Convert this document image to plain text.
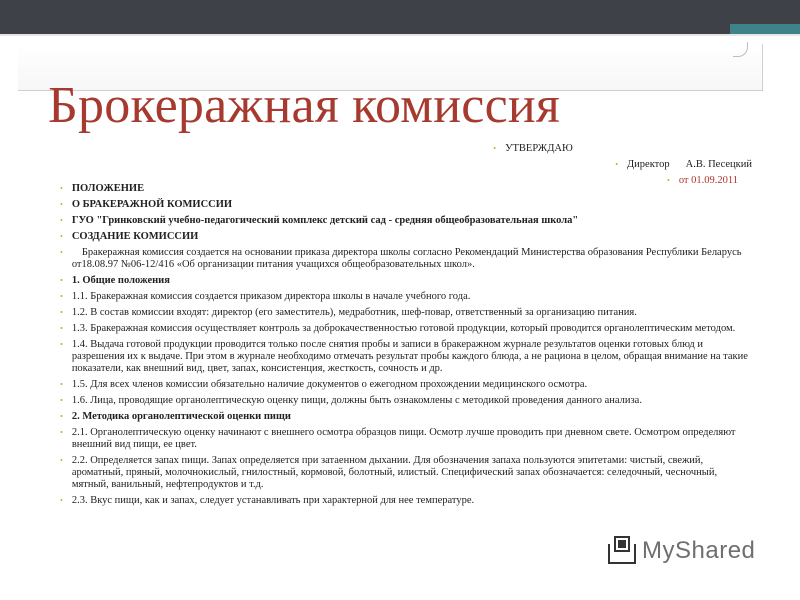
Брокеражная комиссия
• УТВЕРЖДАЮ
• Директор А.В. Песецкий
• от 01.09.2011
• ПОЛОЖЕНИЕ
• О БРАКЕРАЖНОЙ КОМИССИИ
• ГУО "Гринковский учебно-педагогический комплекс детский сад - средняя общеобразовательная школа"
• СОЗДАНИЕ КОМИССИИ
•	Бракеражная комиссия создается на основании приказа директора школы согласно Рекомендаций Министерства образования Республики Беларусь от18.08.97 №06-12/416 «Об организации питания учащихся общеобразовательных школ».
• 1. Общие положения
• 1.1. Бракеражная комиссия создается приказом директора школы в начале учебного года.
• 1.2. В состав комиссии входят: директор (его заместитель), медработник, шеф-повар, ответственный за организацию питания.
• 1.3. Бракеражная комиссия осуществляет контроль за доброкачественностью готовой продукции, который проводится органолептическим методом.
• 1.4. Выдача готовой продукции проводится только после снятия пробы и записи в бракеражном журнале результатов оценки готовых блюд и разрешения их к выдаче. При этом в журнале необходимо отмечать результат пробы каждого блюда, а не рациона в целом, обращая внимание на такие показатели, как внешний вид, цвет, запах, консистенция, жесткость, сочность и др.
• 1.5. Для всех членов комиссии обязательно наличие документов о ежегодном прохождении медицинского осмотра.
• 1.6. Лица, проводящие органолептическую оценку пищи, должны быть ознакомлены с методикой проведения данного анализа.
• 2. Методика органолептической оценки пищи
• 2.1. Органолептическую оценку начинают с внешнего осмотра образцов пищи. Осмотр лучше проводить при дневном свете. Осмотром определяют внешний вид пищи, ее цвет.
• 2.2. Определяется запах пищи. Запах определяется при затаенном дыхании. Для обозначения запаха пользуются эпитетами: чистый, свежий, ароматный, пряный, молочнокислый, гнилостный, кормовой, болотный, илистый. Специфический запах обозначается: селедочный, чесночный, мятный, ванильный, нефтепродуктов и т.д.
• 2.3. Вкус пищи, как и запах, следует устанавливать при характерной для нее температуре.
MyShared
